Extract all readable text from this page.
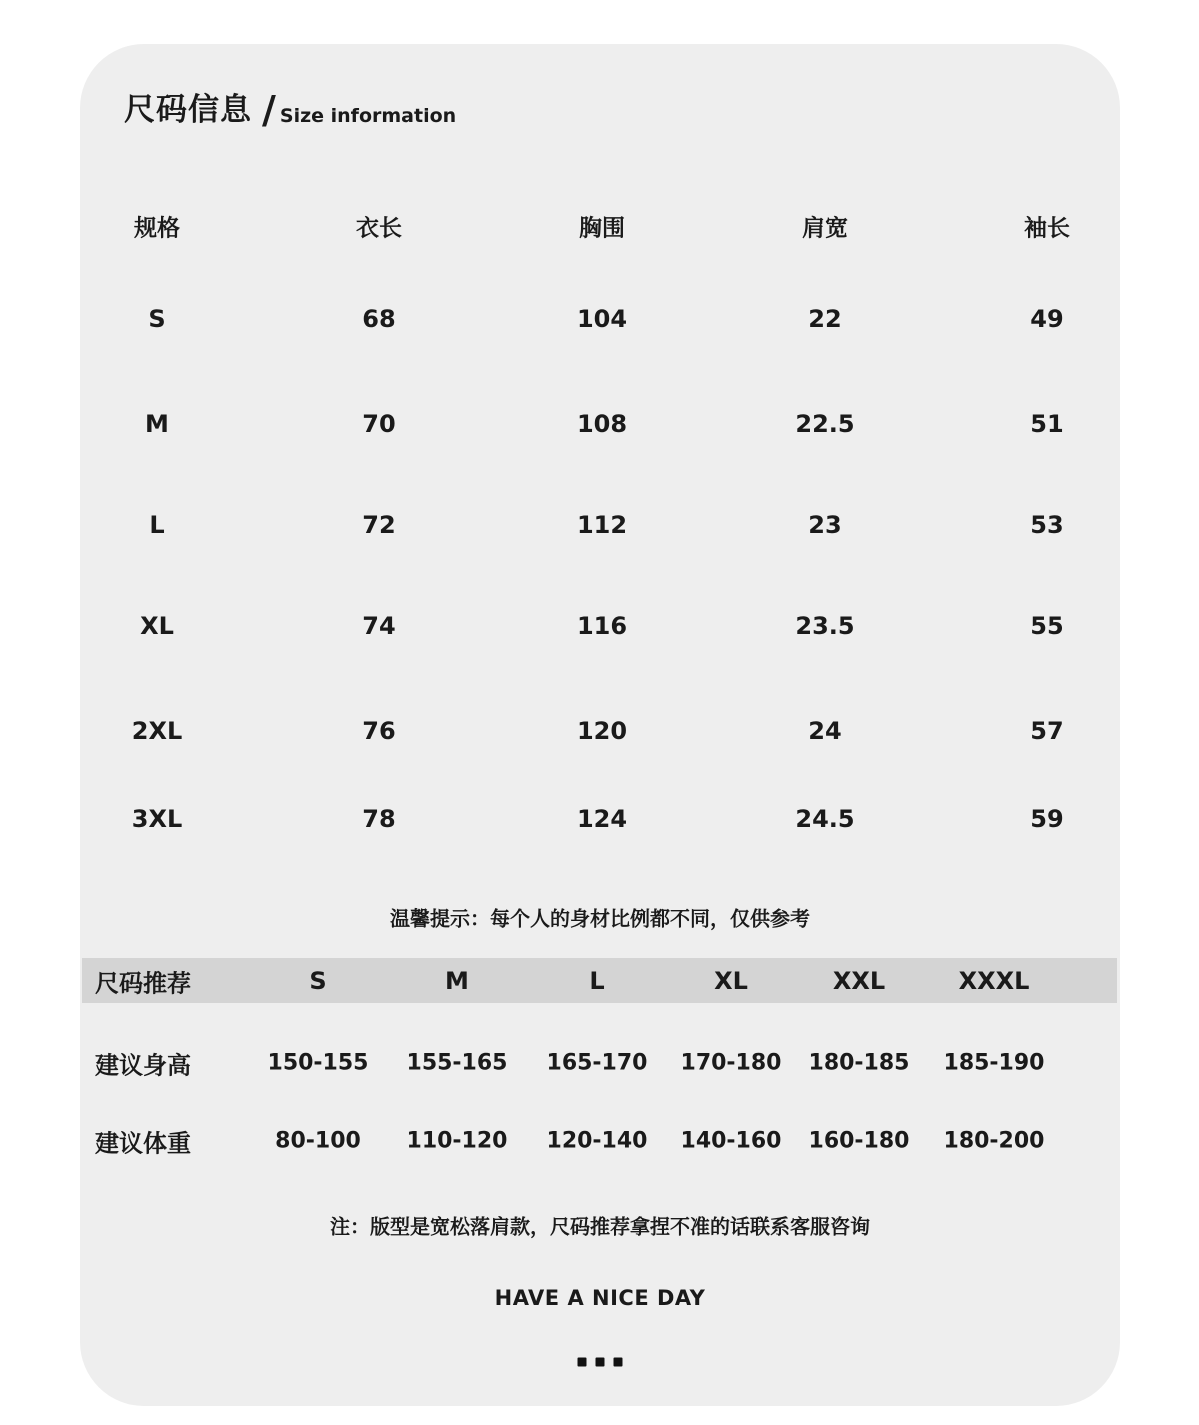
尺码信息 / Size information
规格	衣长	胸围	肩宽	袖长
S	68	104	22	49
M	70	108	22.5	51
L	72	112	23	53
XL	74	116	23.5	55
2XL	76	120	24	57
3XL	78	124	24.5	59
温馨提示：每个人的身材比例都不同，仅供参考
尺码推荐	S	M	L	XL	XXL	XXXL
建议身高	150-155 155-165 165-170 170-180 180-185 185-190
建议体重	80-100 110-120 120-140 140-160 160-180 180-200
注：版型是宽松落肩款，尺码推荐拿捏不准的话联系客服咨询
HAVE A NICE DAY
